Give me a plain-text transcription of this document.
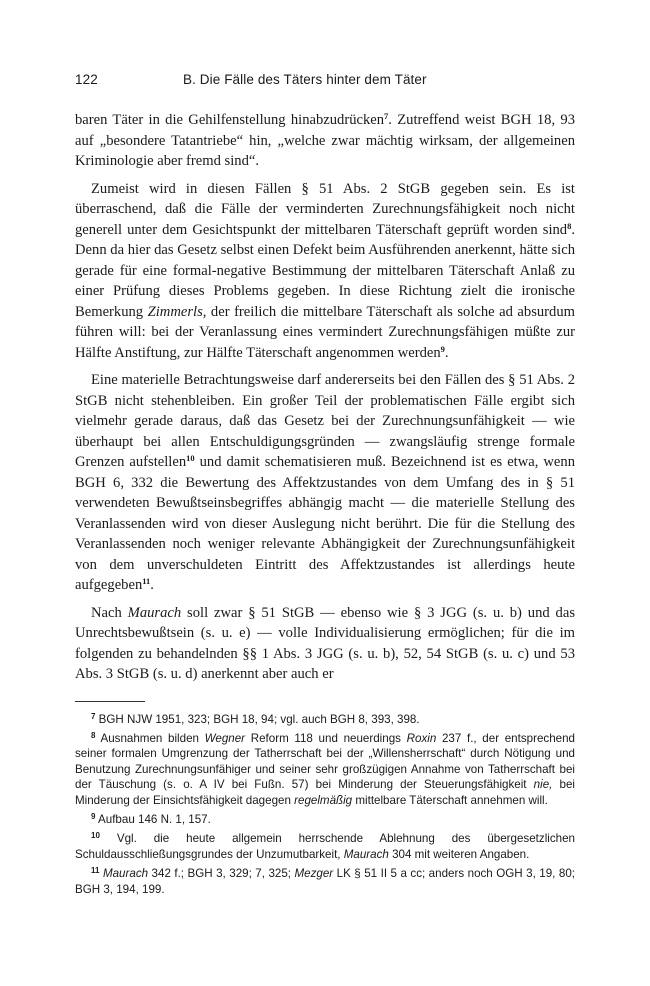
122	B. Die Fälle des Täters hinter dem Täter

baren Täter in die Gehilfenstellung hinabzudrücken$^7$. Zutreffend weist BGH 18, 93 auf „besondere Tatantriebe“ hin, „welche zwar mächtig wirksam, der allgemeinen Kriminologie aber fremd sind“.

Zumeist wird in diesen Fällen § 51 Abs. 2 StGB gegeben sein. Es ist überraschend, daß die Fälle der verminderten Zurechnungsfähigkeit noch nicht generell unter dem Gesichtspunkt der mittelbaren Täterschaft geprüft worden sind$^8$. Denn da hier das Gesetz selbst einen Defekt beim Ausführenden anerkennt, hätte sich gerade für eine formal-negative Bestimmung der mittelbaren Täterschaft Anlaß zu einer Prüfung dieses Problems gegeben. In diese Richtung zielt die ironische Bemerkung Zimmerls, der freilich die mittelbare Täterschaft als solche ad absurdum führen will: bei der Veranlassung eines vermindert Zurechnungsfähigen müßte zur Hälfte Anstiftung, zur Hälfte Täterschaft angenommen werden$^9$.

Eine materielle Betrachtungsweise darf andererseits bei den Fällen des § 51 Abs. 2 StGB nicht stehenbleiben. Ein großer Teil der problematischen Fälle ergibt sich vielmehr gerade daraus, daß das Gesetz bei der Zurechnungsunfähigkeit — wie überhaupt bei allen Entschuldigungsgründen — zwangsläufig strenge formale Grenzen aufstellen$^{10}$ und damit schematisieren muß. Bezeichnend ist es etwa, wenn BGH 6, 332 die Bewertung des Affektzustandes von dem Umfang des in § 51 verwendeten Bewußtseinsbegriffes abhängig macht — die materielle Stellung des Veranlassenden wird von dieser Auslegung nicht berührt. Die für die Stellung des Veranlassenden noch weniger relevante Abhängigkeit der Zurechnungsunfähigkeit von dem unverschuldeten Eintritt des Affektzustandes ist allerdings heute aufgegeben$^{11}$.

Nach Maurach soll zwar § 51 StGB — ebenso wie § 3 JGG (s. u. b) und das Unrechtsbewußtsein (s. u. e) — volle Individualisierung ermöglichen; für die im folgenden zu behandelnden §§ 1 Abs. 3 JGG (s. u. b), 52, 54 StGB (s. u. c) und 53 Abs. 3 StGB (s. u. d) anerkennt aber auch er

$^7$ BGH NJW 1951, 323; BGH 18, 94; vgl. auch BGH 8, 393, 398.

$^8$ Ausnahmen bilden Wegner Reform 118 und neuerdings Roxin 237 f., der entsprechend seiner formalen Umgrenzung der Tatherrschaft bei der „Willensherrschaft“ durch Nötigung und Benutzung Zurechnungsunfähiger und seiner sehr großzügigen Annahme von Tatherrschaft bei der Täuschung (s. o. A IV bei Fußn. 57) bei Minderung der Steuerungsfähigkeit nie, bei Minderung der Einsichtsfähigkeit dagegen regelmäßig mittelbare Täterschaft annehmen will.

$^9$ Aufbau 146 N. 1, 157.

$^{10}$ Vgl. die heute allgemein herrschende Ablehnung des übergesetzlichen Schuldausschließungsgrundes der Unzumutbarkeit, Maurach 304 mit weiteren Angaben.

$^{11}$ Maurach 342 f.; BGH 3, 329; 7, 325; Mezger LK § 51 II 5 a cc; anders noch OGH 3, 19, 80; BGH 3, 194, 199.
